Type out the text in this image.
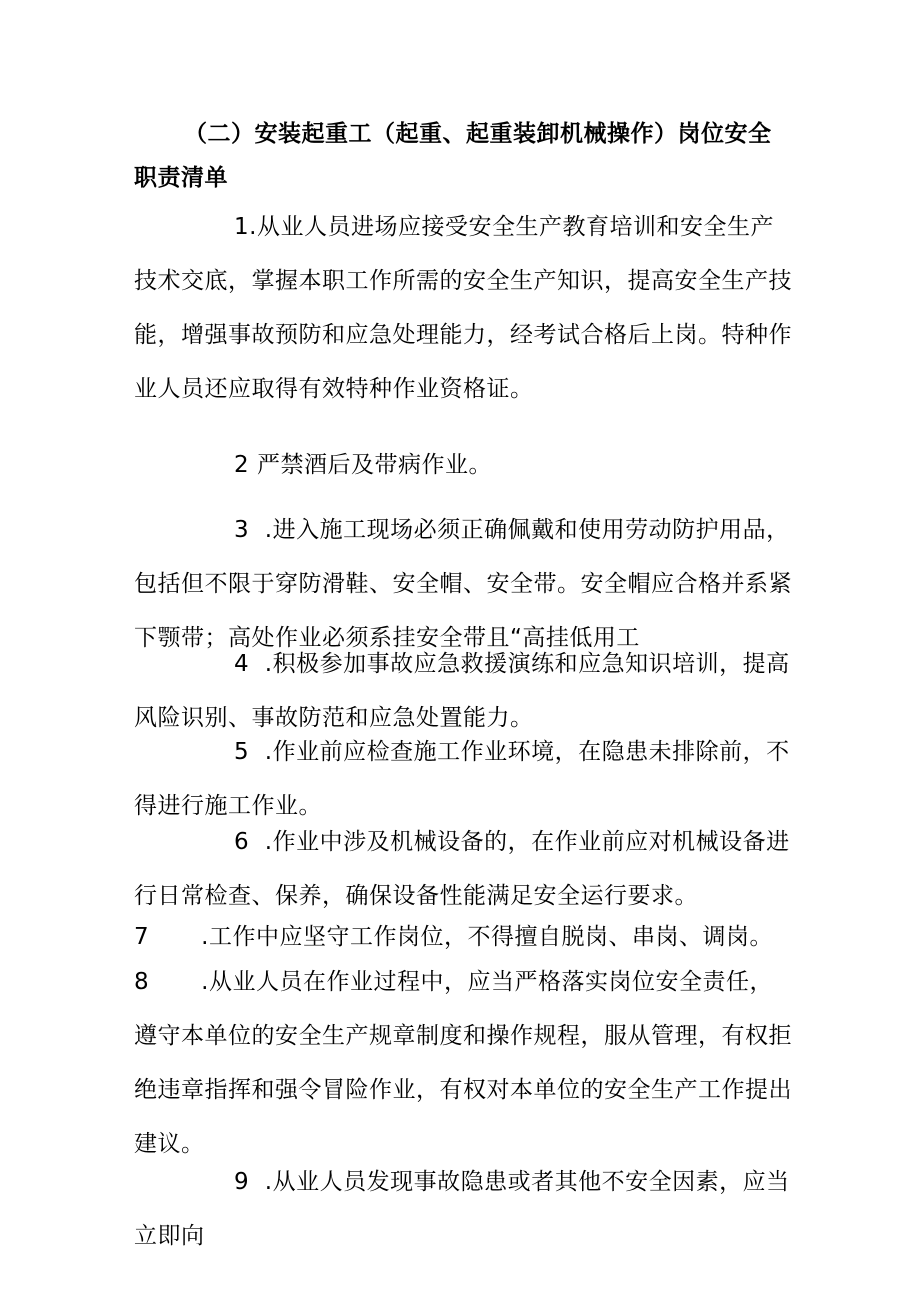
（二）安装起重工（起重、起重装卸机械操作）岗位安全职责清单

1.从业人员进场应接受安全生产教育培训和安全生产技术交底，掌握本职工作所需的安全生产知识，提高安全生产技能，增强事故预防和应急处理能力，经考试合格后上岗。特种作业人员还应取得有效特种作业资格证。

2 严禁酒后及带病作业。

3 .进入施工现场必须正确佩戴和使用劳动防护用品，包括但不限于穿防滑鞋、安全帽、安全带。安全帽应合格并系紧下颚带；高处作业必须系挂安全带且“高挂低用工

4 .积极参加事故应急救援演练和应急知识培训，提高风险识别、事故防范和应急处置能力。

5 .作业前应检查施工作业环境，在隐患未排除前，不得进行施工作业。

6 .作业中涉及机械设备的，在作业前应对机械设备进行日常检查、保养，确保设备性能满足安全运行要求。

7 .工作中应坚守工作岗位，不得擅自脱岗、串岗、调岗。

8 .从业人员在作业过程中，应当严格落实岗位安全责任，遵守本单位的安全生产规章制度和操作规程，服从管理，有权拒绝违章指挥和强令冒险作业，有权对本单位的安全生产工作提出建议。

9 .从业人员发现事故隐患或者其他不安全因素，应当立即向
